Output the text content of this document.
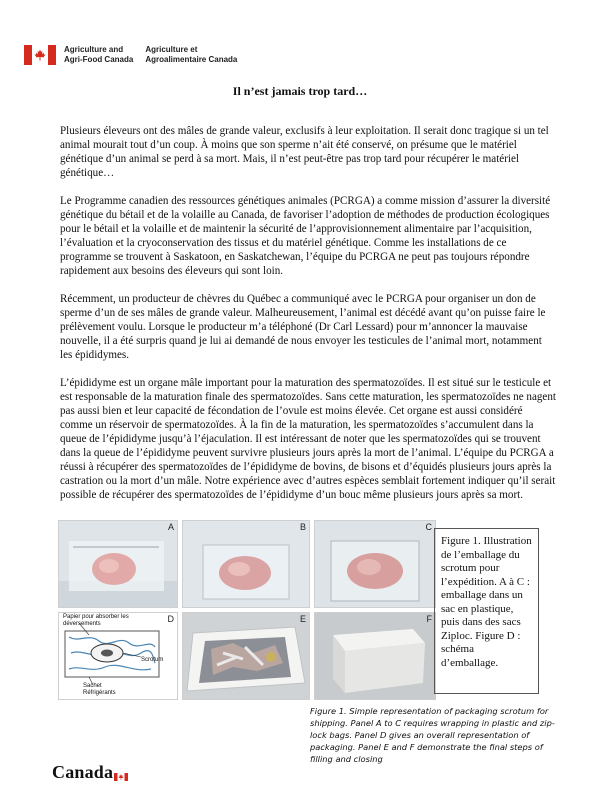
Agriculture and
Agri-Food Canada
Agriculture et
Agroalimentaire Canada
Il n’est jamais trop tard…

Plusieurs éleveurs ont des mâles de grande valeur, exclusifs à leur exploitation. Il serait donc tragique si un tel animal mourait tout d’un coup. À moins que son sperme n’ait été conservé, on présume que le matériel génétique d’un animal se perd à sa mort. Mais, il n’est peut-être pas trop tard pour récupérer le matériel génétique…

Le Programme canadien des ressources génétiques animales (PCRGA) a comme mission d’assurer la diversité génétique du bétail et de la volaille au Canada, de favoriser l’adoption de méthodes de production écologiques pour le bétail et la volaille et de maintenir la sécurité de l’approvisionnement alimentaire par l’acquisition, l’évaluation et la cryoconservation des tissus et du matériel génétique. Comme les installations de ce programme se trouvent à Saskatoon, en Saskatchewan, l’équipe du PCRGA ne peut pas toujours répondre rapidement aux besoins des éleveurs qui sont loin.

Récemment, un producteur de chèvres du Québec a communiqué avec le PCRGA pour organiser un don de sperme d’un de ses mâles de grande valeur. Malheureusement, l’animal est décédé avant qu’on puisse faire le prélèvement voulu. Lorsque le producteur m’a téléphoné (Dr Carl Lessard) pour m’annoncer la mauvaise nouvelle, il a été surpris quand je lui ai demandé de nous envoyer les testicules de l’animal mort, notamment les épididymes.

L’épididyme est un organe mâle important pour la maturation des spermatozoïdes. Il est situé sur le testicule et est responsable de la maturation finale des spermatozoïdes. Sans cette maturation, les spermatozoïdes ne nagent pas aussi bien et leur capacité de fécondation de l’ovule est moins élevée. Cet organe est aussi considéré comme un réservoir de spermatozoïdes. À la fin de la maturation, les spermatozoïdes s’accumulent dans la queue de l’épididyme jusqu’à l’éjaculation. Il est intéressant de noter que les spermatozoïdes qui se trouvent dans la queue de l’épididyme peuvent survivre plusieurs jours après la mort de l’animal. L’équipe du PCRGA a réussi à récupérer des spermatozoïdes de l’épididyme de bovins, de bisons et d’équidés plusieurs jours après la castration ou la mort d’un mâle. Notre expérience avec d’autres espèces semblait fortement indiquer qu’il serait possible de récupérer des spermatozoïdes de l’épididyme d’un bouc même plusieurs jours après sa mort.

A	B	C
D
Papier pour absorber les
déversements
Scrotum
Sachet
Réfrigérants
E	F
Figure 1. Illustration de l’emballage du scrotum pour l’expédition. A à C : emballage dans un sac en plastique, puis dans des sacs Ziploc. Figure D : schéma d’emballage.
Figure 1. Simple representation of packaging scrotum for shipping. Panel A to C requires wrapping in plastic and zip-lock bags. Panel D gives an overall representation of packaging. Panel E and F demonstrate the final steps of filling and closing
Canada
